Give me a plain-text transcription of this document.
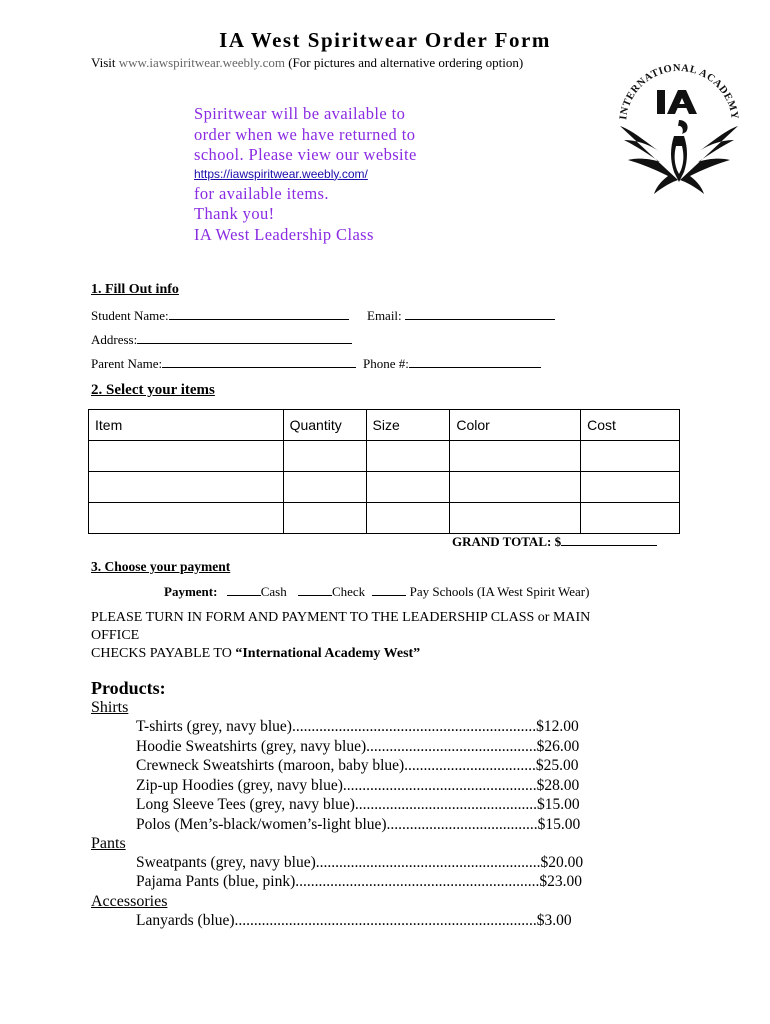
IA West Spiritwear Order Form
Visit www.iawspiritwear.weebly.com (For pictures and alternative ordering option)
Spiritwear will be available to
order when we have returned to
school. Please view our website
https://iawspiritwear.weebly.com/
for available items.
Thank you!
IA West Leadership Class
INTERNATIONAL ACADEMY
1. Fill Out info
Student Name:	Email:
Address:
Parent Name:	Phone #:
2. Select your items
Item	Quantity	Size	Color	Cost

GRAND TOTAL: $
3. Choose your payment
Payment:	Cash	Check	Pay Schools (IA West Spirit Wear)
PLEASE TURN IN FORM AND PAYMENT TO THE LEADERSHIP CLASS or MAIN
OFFICE
CHECKS PAYABLE TO “International Academy West”
Products:
Shirts
T-shirts (grey, navy blue)...............................................................$12.00
Hoodie Sweatshirts (grey, navy blue)............................................$26.00
Crewneck Sweatshirts (maroon, baby blue)..................................$25.00
Zip-up Hoodies (grey, navy blue)..................................................$28.00
Long Sleeve Tees (grey, navy blue)...............................................$15.00
Polos (Men’s-black/women’s-light blue).......................................$15.00
Pants
Sweatpants (grey, navy blue)..........................................................$20.00
Pajama Pants (blue, pink)...............................................................$23.00
Accessories
Lanyards (blue)..............................................................................$3.00
